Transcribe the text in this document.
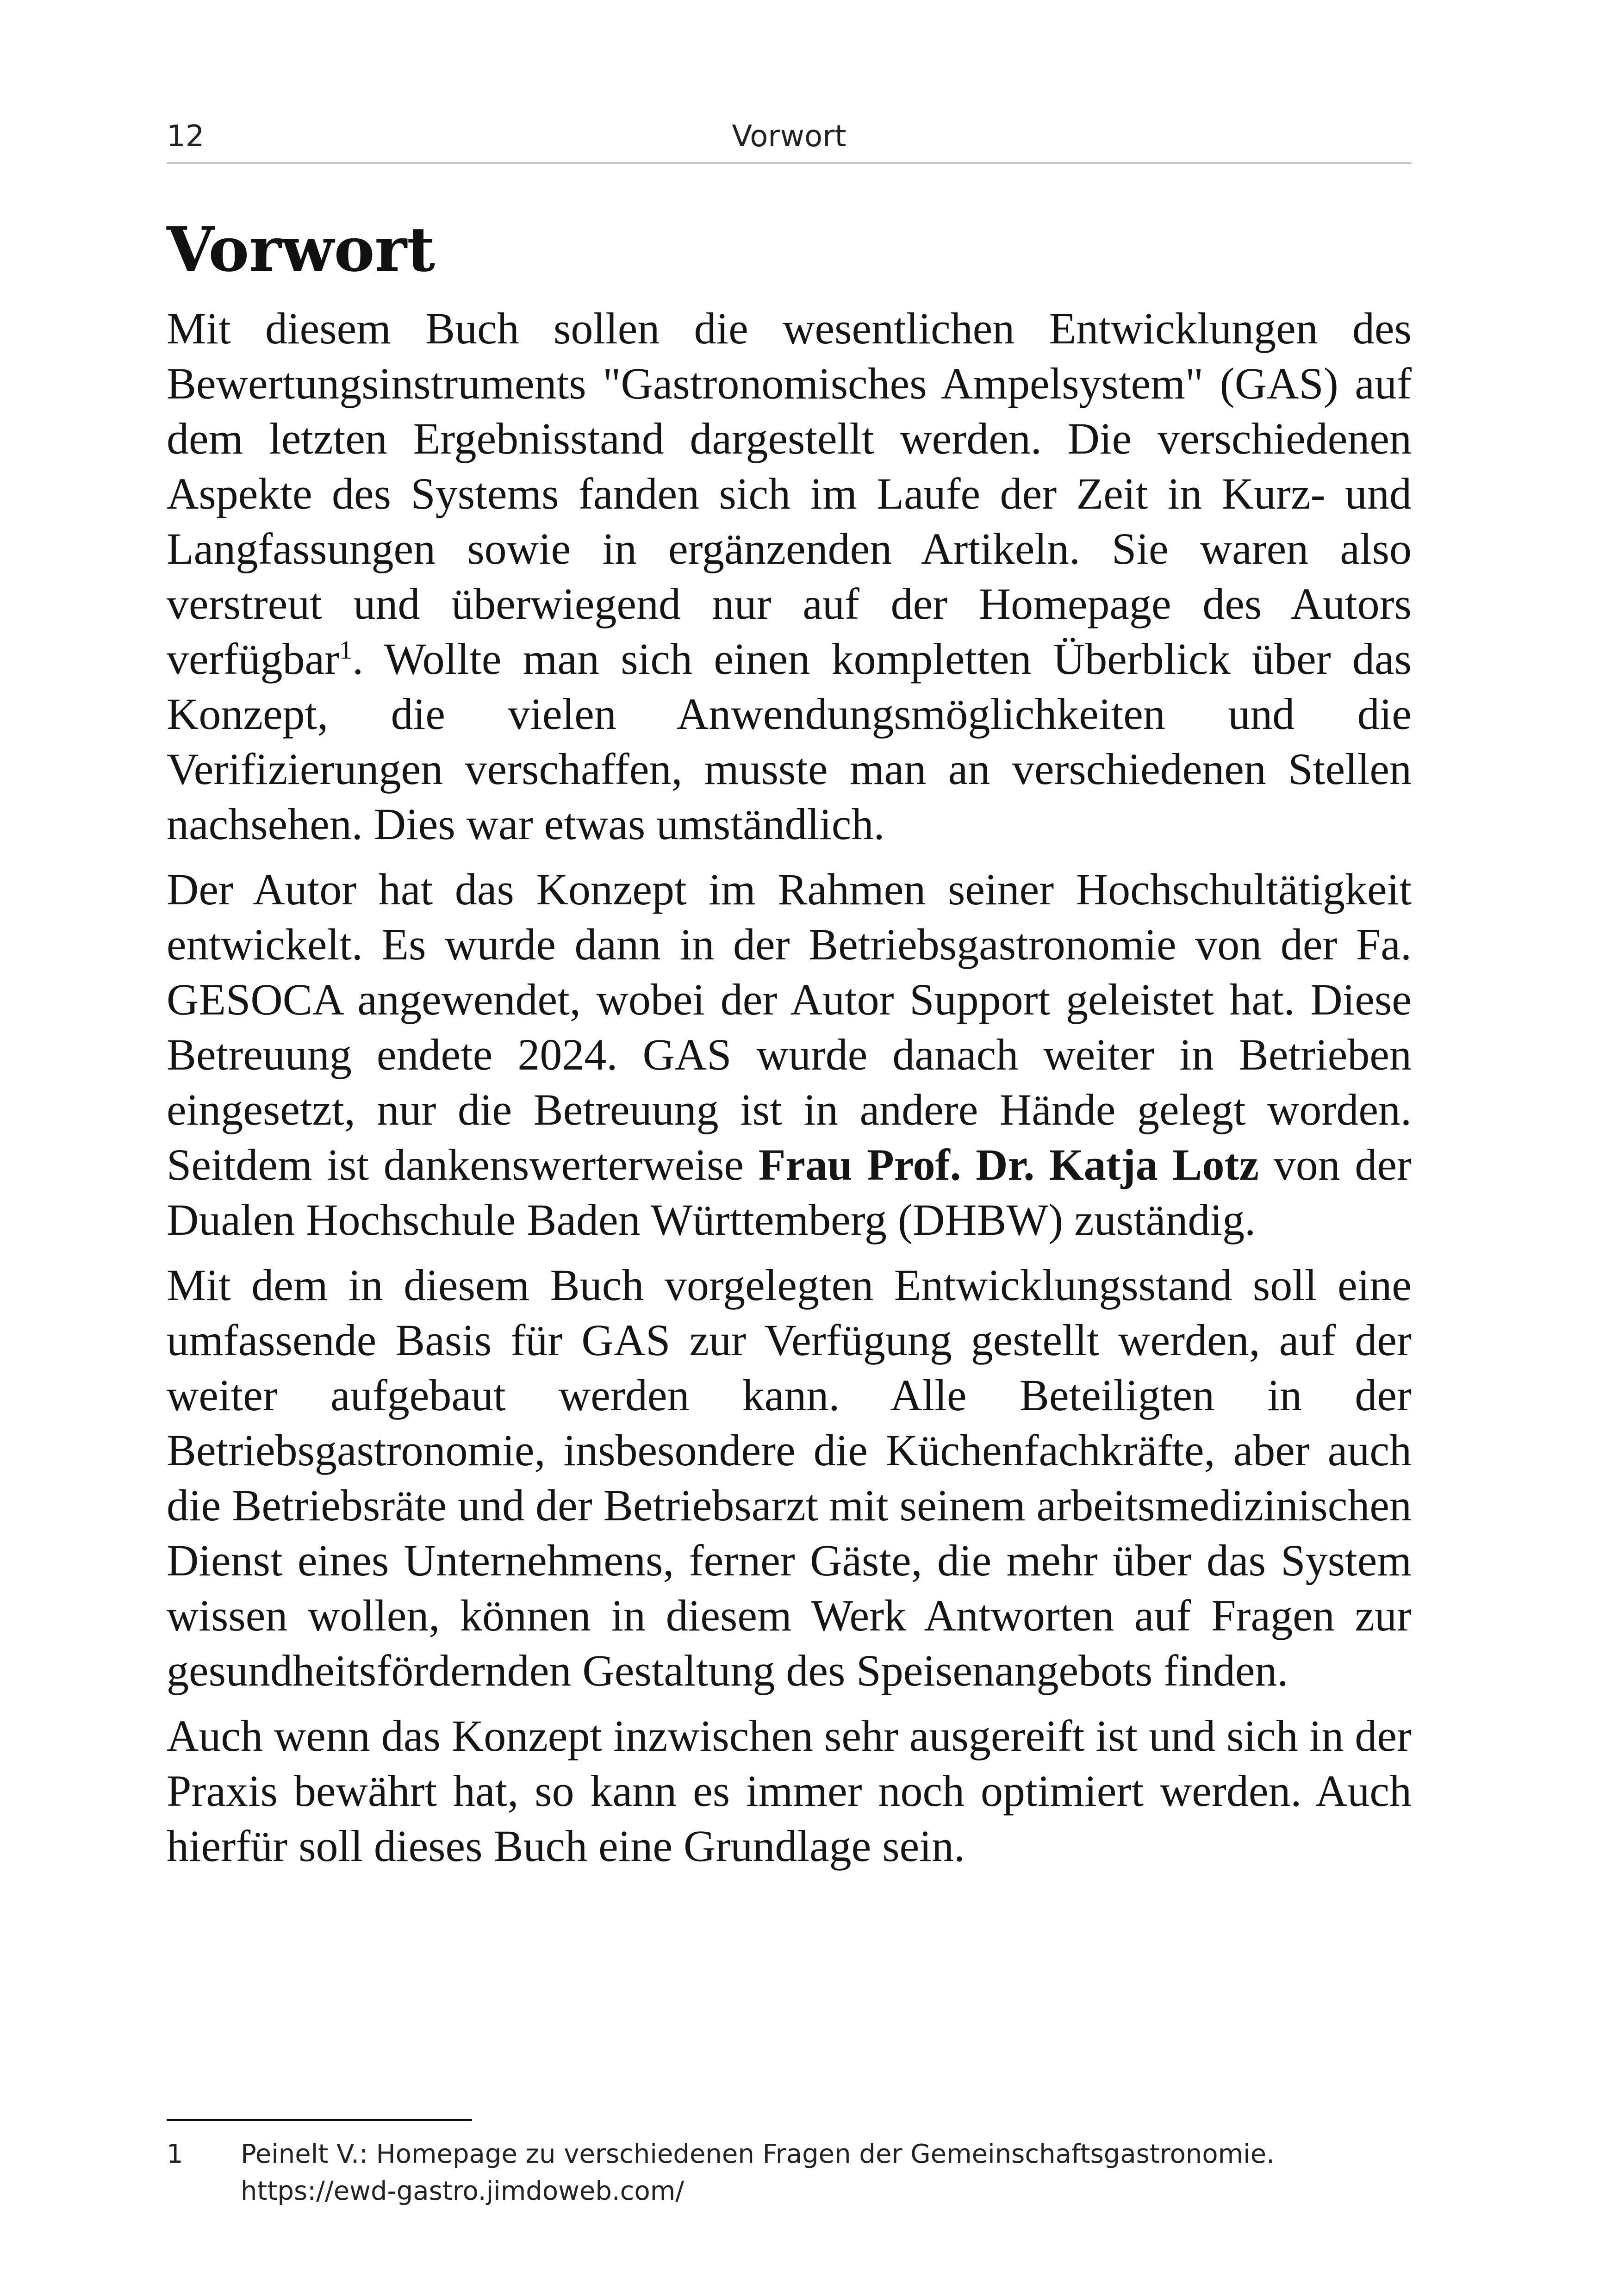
12	Vorwort
Vorwort

Mit diesem Buch sollen die wesentlichen Entwicklungen des Bewertungsinstruments "Gastronomisches Ampelsystem" (GAS) auf dem letzten Ergebnisstand dargestellt werden. Die verschiedenen Aspekte des Systems fanden sich im Laufe der Zeit in Kurz- und Langfassungen sowie in ergänzenden Artikeln. Sie waren also verstreut und überwiegend nur auf der Homepage des Autors verfügbar$^1$. Wollte man sich einen kompletten Überblick über das Konzept, die vielen Anwendungsmöglichkeiten und die Verifizierungen verschaffen, musste man an verschiedenen Stellen nachsehen. Dies war etwas umständlich.

Der Autor hat das Konzept im Rahmen seiner Hochschultätigkeit entwickelt. Es wurde dann in der Betriebsgastronomie von der Fa. GESOCA angewendet, wobei der Autor Support geleistet hat. Diese Betreuung endete 2024. GAS wurde danach weiter in Betrieben eingesetzt, nur die Betreuung ist in andere Hände gelegt worden. Seitdem ist dankenswerterweise Frau Prof. Dr. Katja Lotz von der Dualen Hochschule Baden Württemberg (DHBW) zuständig.

Mit dem in diesem Buch vorgelegten Entwicklungsstand soll eine umfassende Basis für GAS zur Verfügung gestellt werden, auf der weiter aufgebaut werden kann. Alle Beteiligten in der Betriebsgastronomie, insbesondere die Küchenfachkräfte, aber auch die Betriebsräte und der Betriebsarzt mit seinem arbeitsmedizinischen Dienst eines Unternehmens, ferner Gäste, die mehr über das System wissen wollen, können in diesem Werk Antworten auf Fragen zur gesundheitsfördernden Gestaltung des Speisenangebots finden.

Auch wenn das Konzept inzwischen sehr ausgereift ist und sich in der Praxis bewährt hat, so kann es immer noch optimiert werden. Auch hierfür soll dieses Buch eine Grundlage sein.

1 Peinelt V.: Homepage zu verschiedenen Fragen der Gemeinschaftsgastronomie.
https://ewd-gastro.jimdoweb.com/
